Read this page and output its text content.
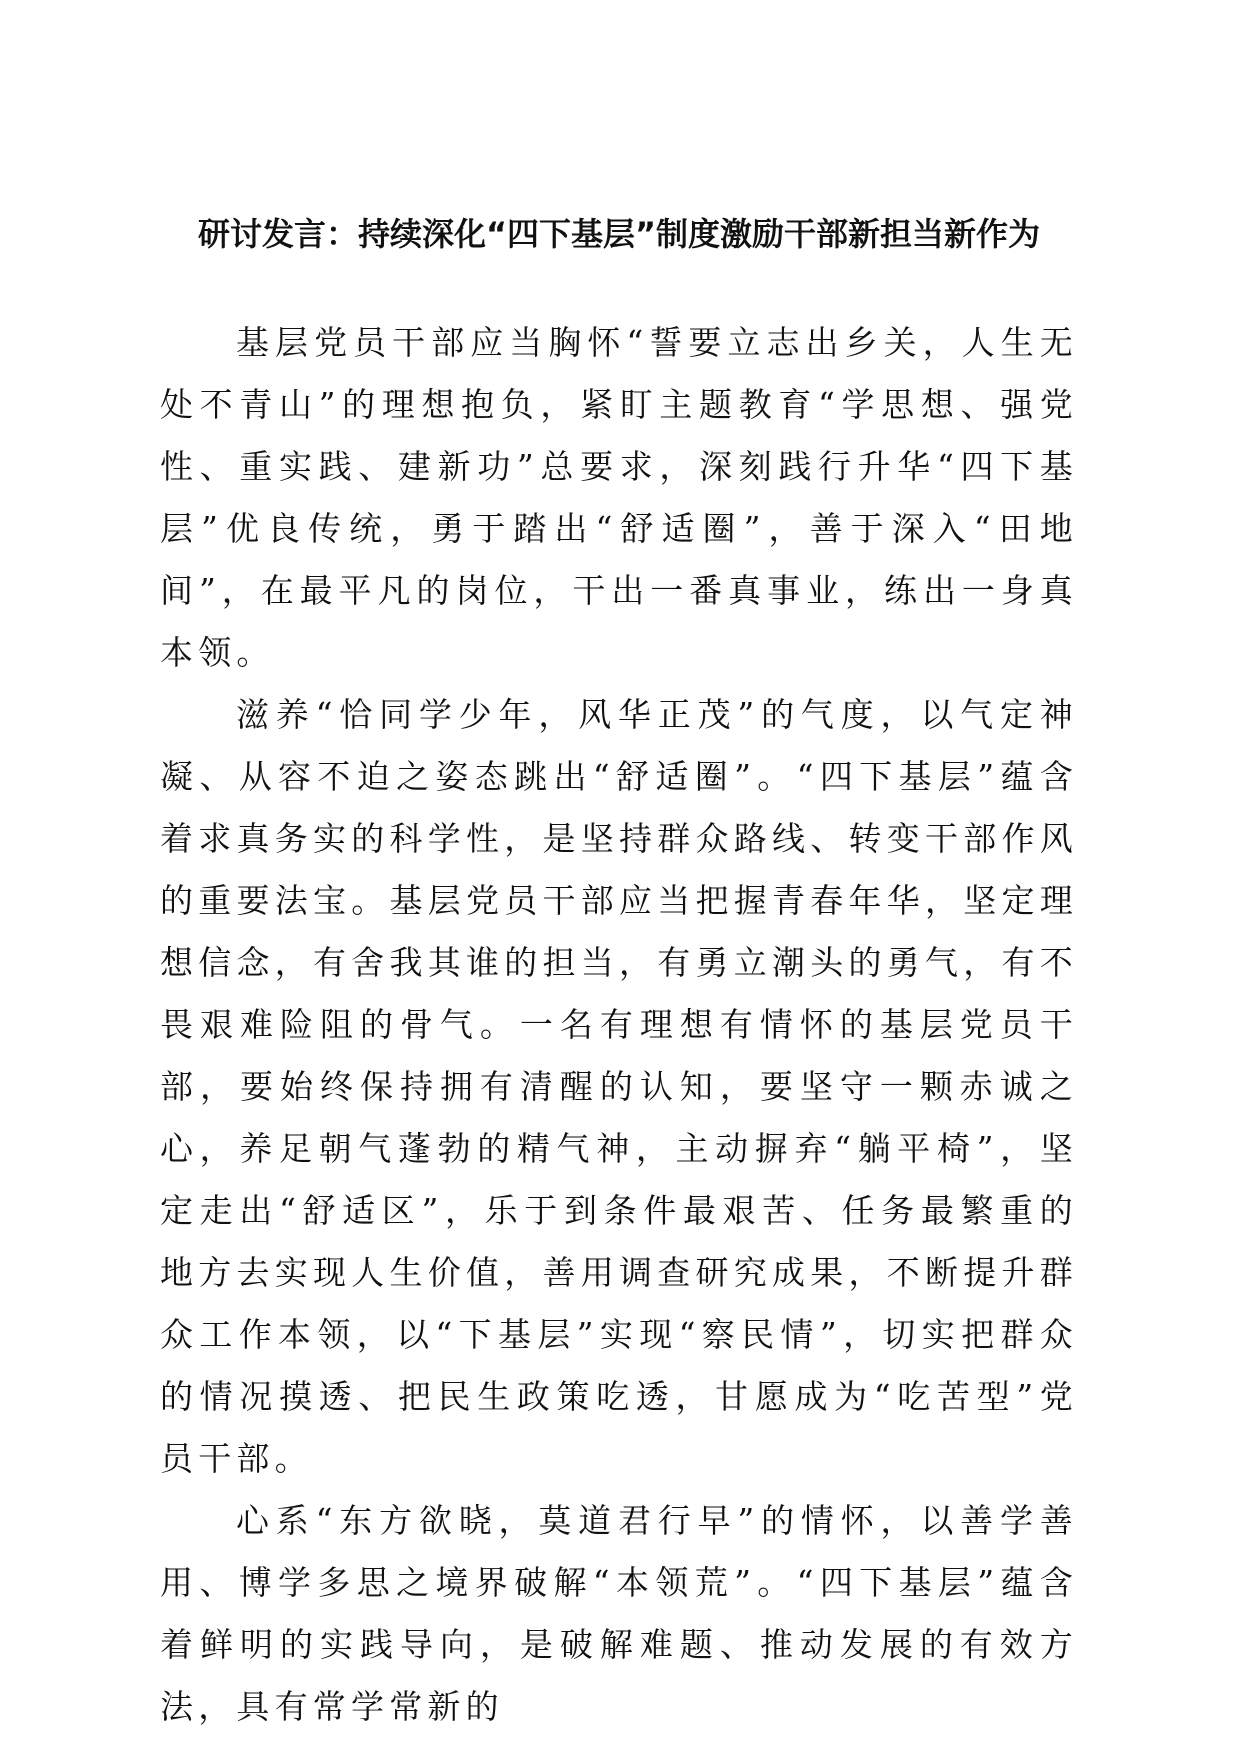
研讨发言：持续深化“四下基层”制度激励干部新担当新作为

基层党员干部应当胸怀“誓要立志出乡关，人生无处不青山”的理想抱负，紧盯主题教育“学思想、强党性、重实践、建新功”总要求，深刻践行升华“四下基层”优良传统，勇于踏出“舒适圈”，善于深入“田地间”，在最平凡的岗位，干出一番真事业，练出一身真本领。

滋养“恰同学少年，风华正茂”的气度，以气定神凝、从容不迫之姿态跳出“舒适圈”。“四下基层”蕴含着求真务实的科学性，是坚持群众路线、转变干部作风的重要法宝。基层党员干部应当把握青春年华，坚定理想信念，有舍我其谁的担当，有勇立潮头的勇气，有不畏艰难险阻的骨气。一名有理想有情怀的基层党员干部，要始终保持拥有清醒的认知，要坚守一颗赤诚之心，养足朝气蓬勃的精气神，主动摒弃“躺平椅”，坚定走出“舒适区”，乐于到条件最艰苦、任务最繁重的地方去实现人生价值，善用调查研究成果，不断提升群众工作本领，以“下基层”实现“察民情”，切实把群众的情况摸透、把民生政策吃透，甘愿成为“吃苦型”党员干部。

心系“东方欲晓，莫道君行早”的情怀，以善学善用、博学多思之境界破解“本领荒”。“四下基层”蕴含着鲜明的实践导向，是破解难题、推动发展的有效方法，具有常学常新的
